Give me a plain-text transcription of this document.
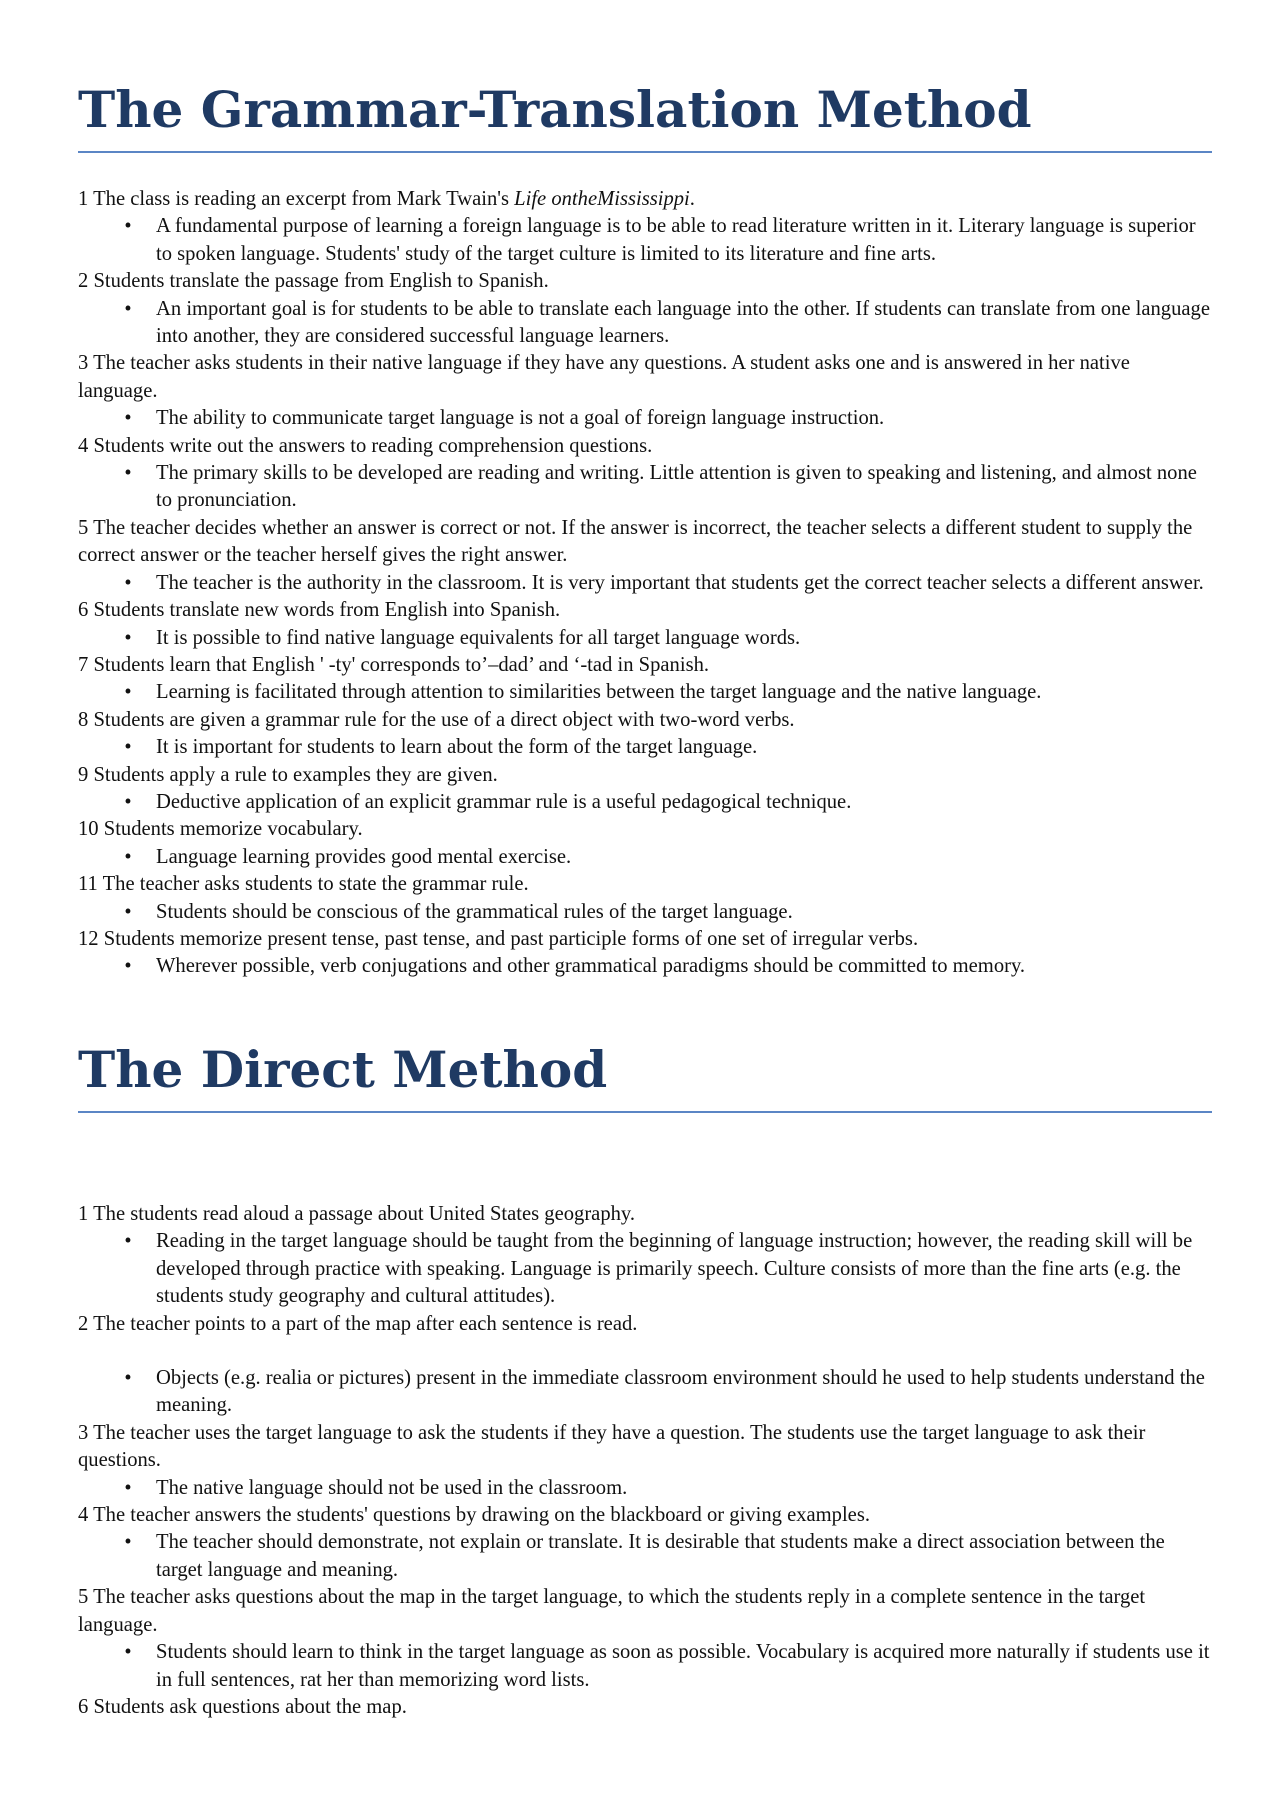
The Grammar-Translation Method

1 The class is reading an excerpt from Mark Twain's Life ontheMississippi.

•	A fundamental purpose of learning a foreign language is to be able to read literature written in it. Literary language is superior to spoken language. Students' study of the target culture is limited to its literature and fine arts.

2 Students translate the passage from English to Spanish.

•	An important goal is for students to be able to translate each language into the other. If students can translate from one language into another, they are considered successful language learners.

3 The teacher asks students in their native language if they have any questions. A student asks one and is answered in her native language.

•	The ability to communicate target language is not a goal of foreign language instruction.

4 Students write out the answers to reading comprehension questions.

•	The primary skills to be developed are reading and writing. Little attention is given to speaking and listening, and almost none to pronunciation.

5 The teacher decides whether an answer is correct or not. If the answer is incorrect, the teacher selects a different student to supply the correct answer or the teacher herself gives the right answer.

•	The teacher is the authority in the classroom. It is very important that students get the correct teacher selects a different answer.

6 Students translate new words from English into Spanish.

•	It is possible to find native language equivalents for all target language words.

7 Students learn that English ' -ty' corresponds to’–dad’ and ‘-tad in Spanish.

•	Learning is facilitated through attention to similarities between the target language and the native language.

8 Students are given a grammar rule for the use of a direct object with two-word verbs.

•	It is important for students to learn about the form of the target language.

9 Students apply a rule to examples they are given.

•	Deductive application of an explicit grammar rule is a useful pedagogical technique.

10 Students memorize vocabulary.

•	Language learning provides good mental exercise.

11 The teacher asks students to state the grammar rule.

•	Students should be conscious of the grammatical rules of the target language.

12 Students memorize present tense, past tense, and past participle forms of one set of irregular verbs.

•	Wherever possible, verb conjugations and other grammatical paradigms should be committed to memory.
The Direct Method

1 The students read aloud a passage about United States geography.

•	Reading in the target language should be taught from the beginning of language instruction; however, the reading skill will be developed through practice with speaking. Language is primarily speech. Culture consists of more than the fine arts (e.g. the students study geography and cultural attitudes).

2 The teacher points to a part of the map after each sentence is read.

•	Objects (e.g. realia or pictures) present in the immediate classroom environment should he used to help students understand the meaning.

3 The teacher uses the target language to ask the students if they have a question. The students use the target language to ask their questions.

•	The native language should not be used in the classroom.

4 The teacher answers the students' questions by drawing on the blackboard or giving examples.

•	The teacher should demonstrate, not explain or translate. It is desirable that students make a direct association between the target language and meaning.

5 The teacher asks questions about the map in the target language, to which the students reply in a complete sentence in the target language.

•	Students should learn to think in the target language as soon as possible. Vocabulary is acquired more naturally if students use it in full sentences, rat her than memorizing word lists.

6 Students ask questions about the map.
